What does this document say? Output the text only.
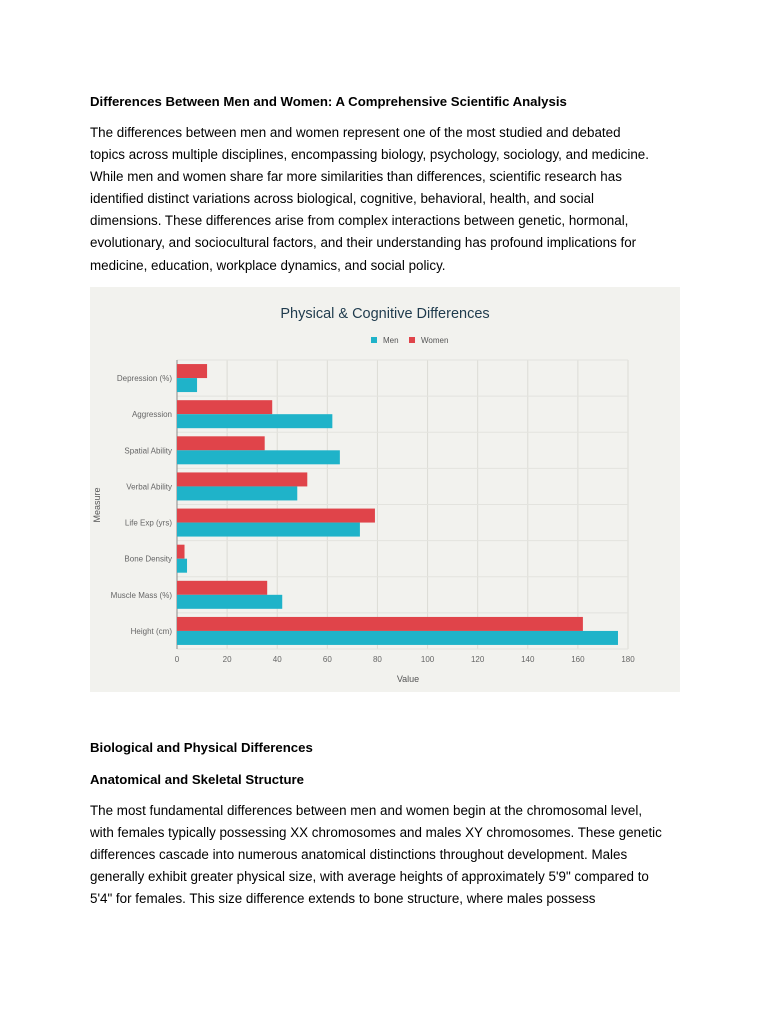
Differences Between Men and Women: A Comprehensive Scientific Analysis

The differences between men and women represent one of the most studied and debated
topics across multiple disciplines, encompassing biology, psychology, sociology, and medicine.
While men and women share far more similarities than differences, scientific research has
identified distinct variations across biological, cognitive, behavioral, health, and social
dimensions. These differences arise from complex interactions between genetic, hormonal,
evolutionary, and sociocultural factors, and their understanding has profound implications for
medicine, education, workplace dynamics, and social policy.
Physical & Cognitive Differences
Men	Women
0	20	40	60	80	100	120	140	160	180
Depression (%)
Aggression
Spatial Ability
Verbal Ability
Life Exp (yrs)
Bone Density
Muscle Mass (%)
Height (cm)
Value
Measure

Biological and Physical Differences

Anatomical and Skeletal Structure

The most fundamental differences between men and women begin at the chromosomal level,
with females typically possessing XX chromosomes and males XY chromosomes. These genetic
differences cascade into numerous anatomical distinctions throughout development. Males
generally exhibit greater physical size, with average heights of approximately 5'9" compared to
5'4" for females. This size difference extends to bone structure, where males possess
